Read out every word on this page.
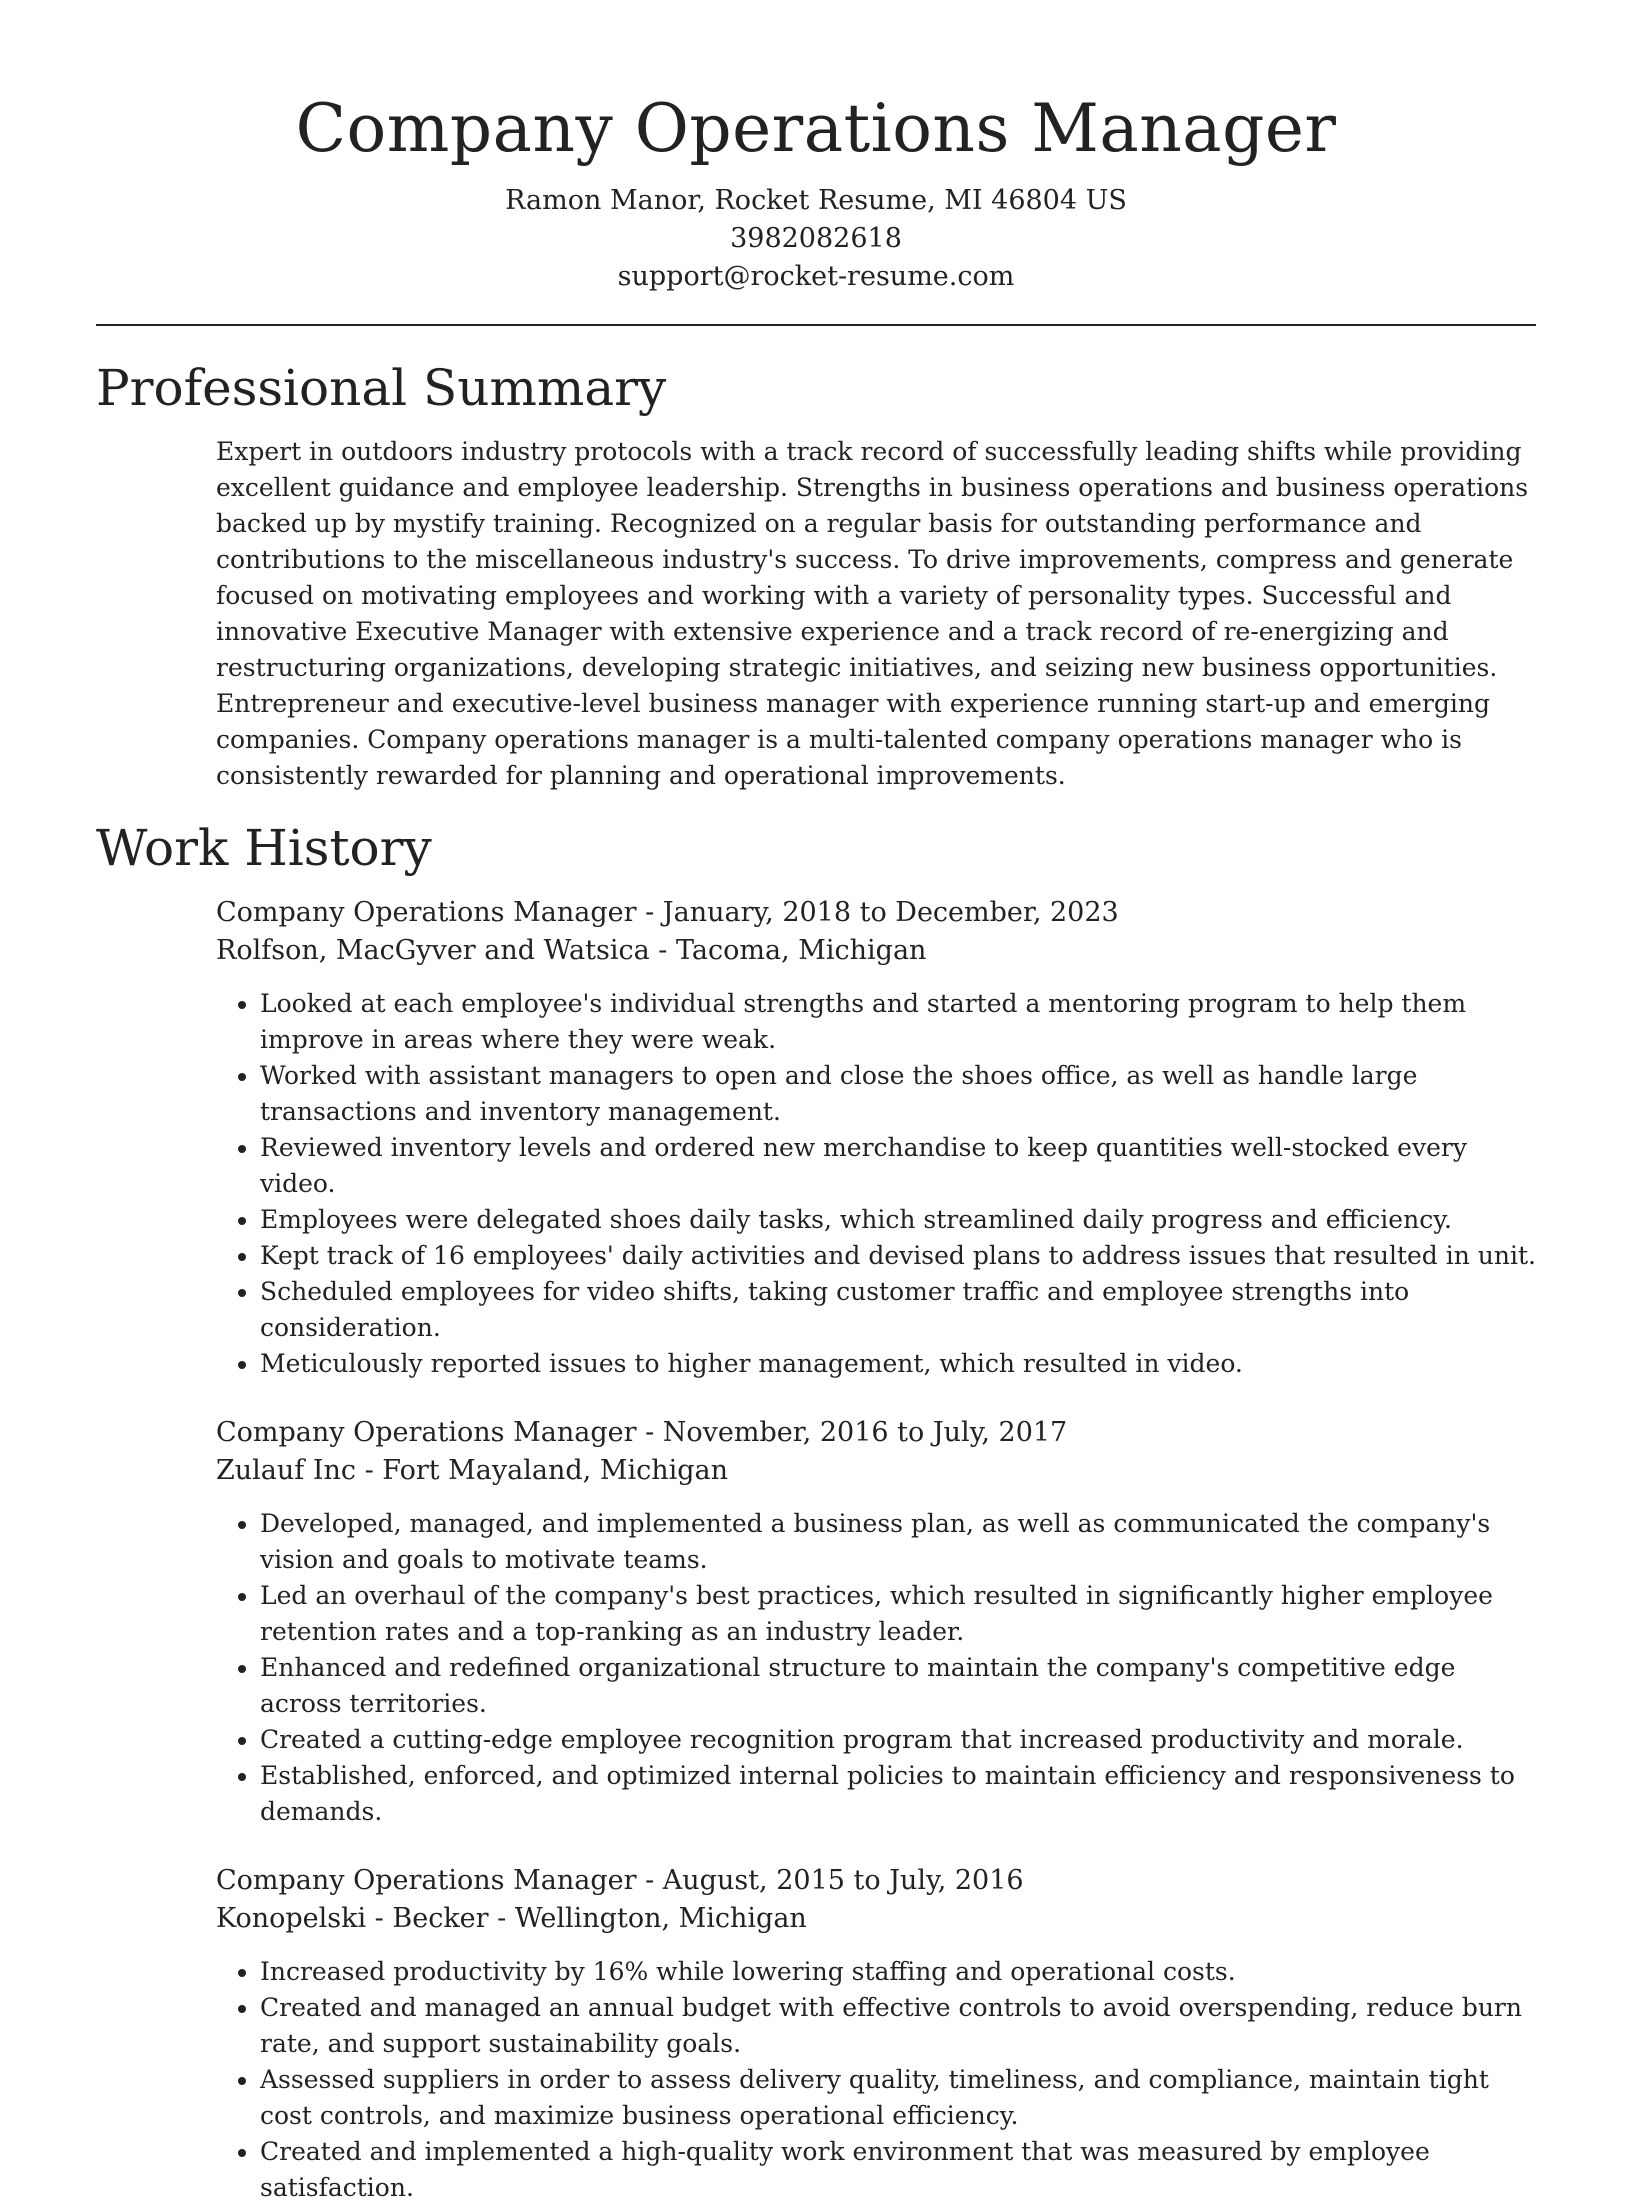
Company Operations Manager

Ramon Manor, Rocket Resume, MI 46804 US

3982082618

support@rocket-resume.com

Professional Summary

Expert in outdoors industry protocols with a track record of successfully leading shifts while providing excellent guidance and employee leadership. Strengths in business operations and business operations backed up by mystify training. Recognized on a regular basis for outstanding performance and contributions to the miscellaneous industry's success. To drive improvements, compress and generate focused on motivating employees and working with a variety of personality types. Successful and innovative Executive Manager with extensive experience and a track record of re-energizing and restructuring organizations, developing strategic initiatives, and seizing new business opportunities. Entrepreneur and executive-level business manager with experience running start-up and emerging companies. Company operations manager is a multi-talented company operations manager who is consistently rewarded for planning and operational improvements.

Work History

Company Operations Manager - January, 2018 to December, 2023

Rolfson, MacGyver and Watsica - Tacoma, Michigan

• Looked at each employee's individual strengths and started a mentoring program to help them improve in areas where they were weak.
• Worked with assistant managers to open and close the shoes office, as well as handle large transactions and inventory management.
• Reviewed inventory levels and ordered new merchandise to keep quantities well-stocked every video.
• Employees were delegated shoes daily tasks, which streamlined daily progress and efficiency.
• Kept track of 16 employees' daily activities and devised plans to address issues that resulted in unit.
• Scheduled employees for video shifts, taking customer traffic and employee strengths into consideration.
• Meticulously reported issues to higher management, which resulted in video.

Company Operations Manager - November, 2016 to July, 2017

Zulauf Inc - Fort Mayaland, Michigan

• Developed, managed, and implemented a business plan, as well as communicated the company's vision and goals to motivate teams.
• Led an overhaul of the company's best practices, which resulted in significantly higher employee retention rates and a top-ranking as an industry leader.
• Enhanced and redefined organizational structure to maintain the company's competitive edge across territories.
• Created a cutting-edge employee recognition program that increased productivity and morale.
• Established, enforced, and optimized internal policies to maintain efficiency and responsiveness to demands.

Company Operations Manager - August, 2015 to July, 2016

Konopelski - Becker - Wellington, Michigan

• Increased productivity by 16% while lowering staffing and operational costs.
• Created and managed an annual budget with effective controls to avoid overspending, reduce burn rate, and support sustainability goals.
• Assessed suppliers in order to assess delivery quality, timeliness, and compliance, maintain tight cost controls, and maximize business operational efficiency.
• Created and implemented a high-quality work environment that was measured by employee satisfaction.
